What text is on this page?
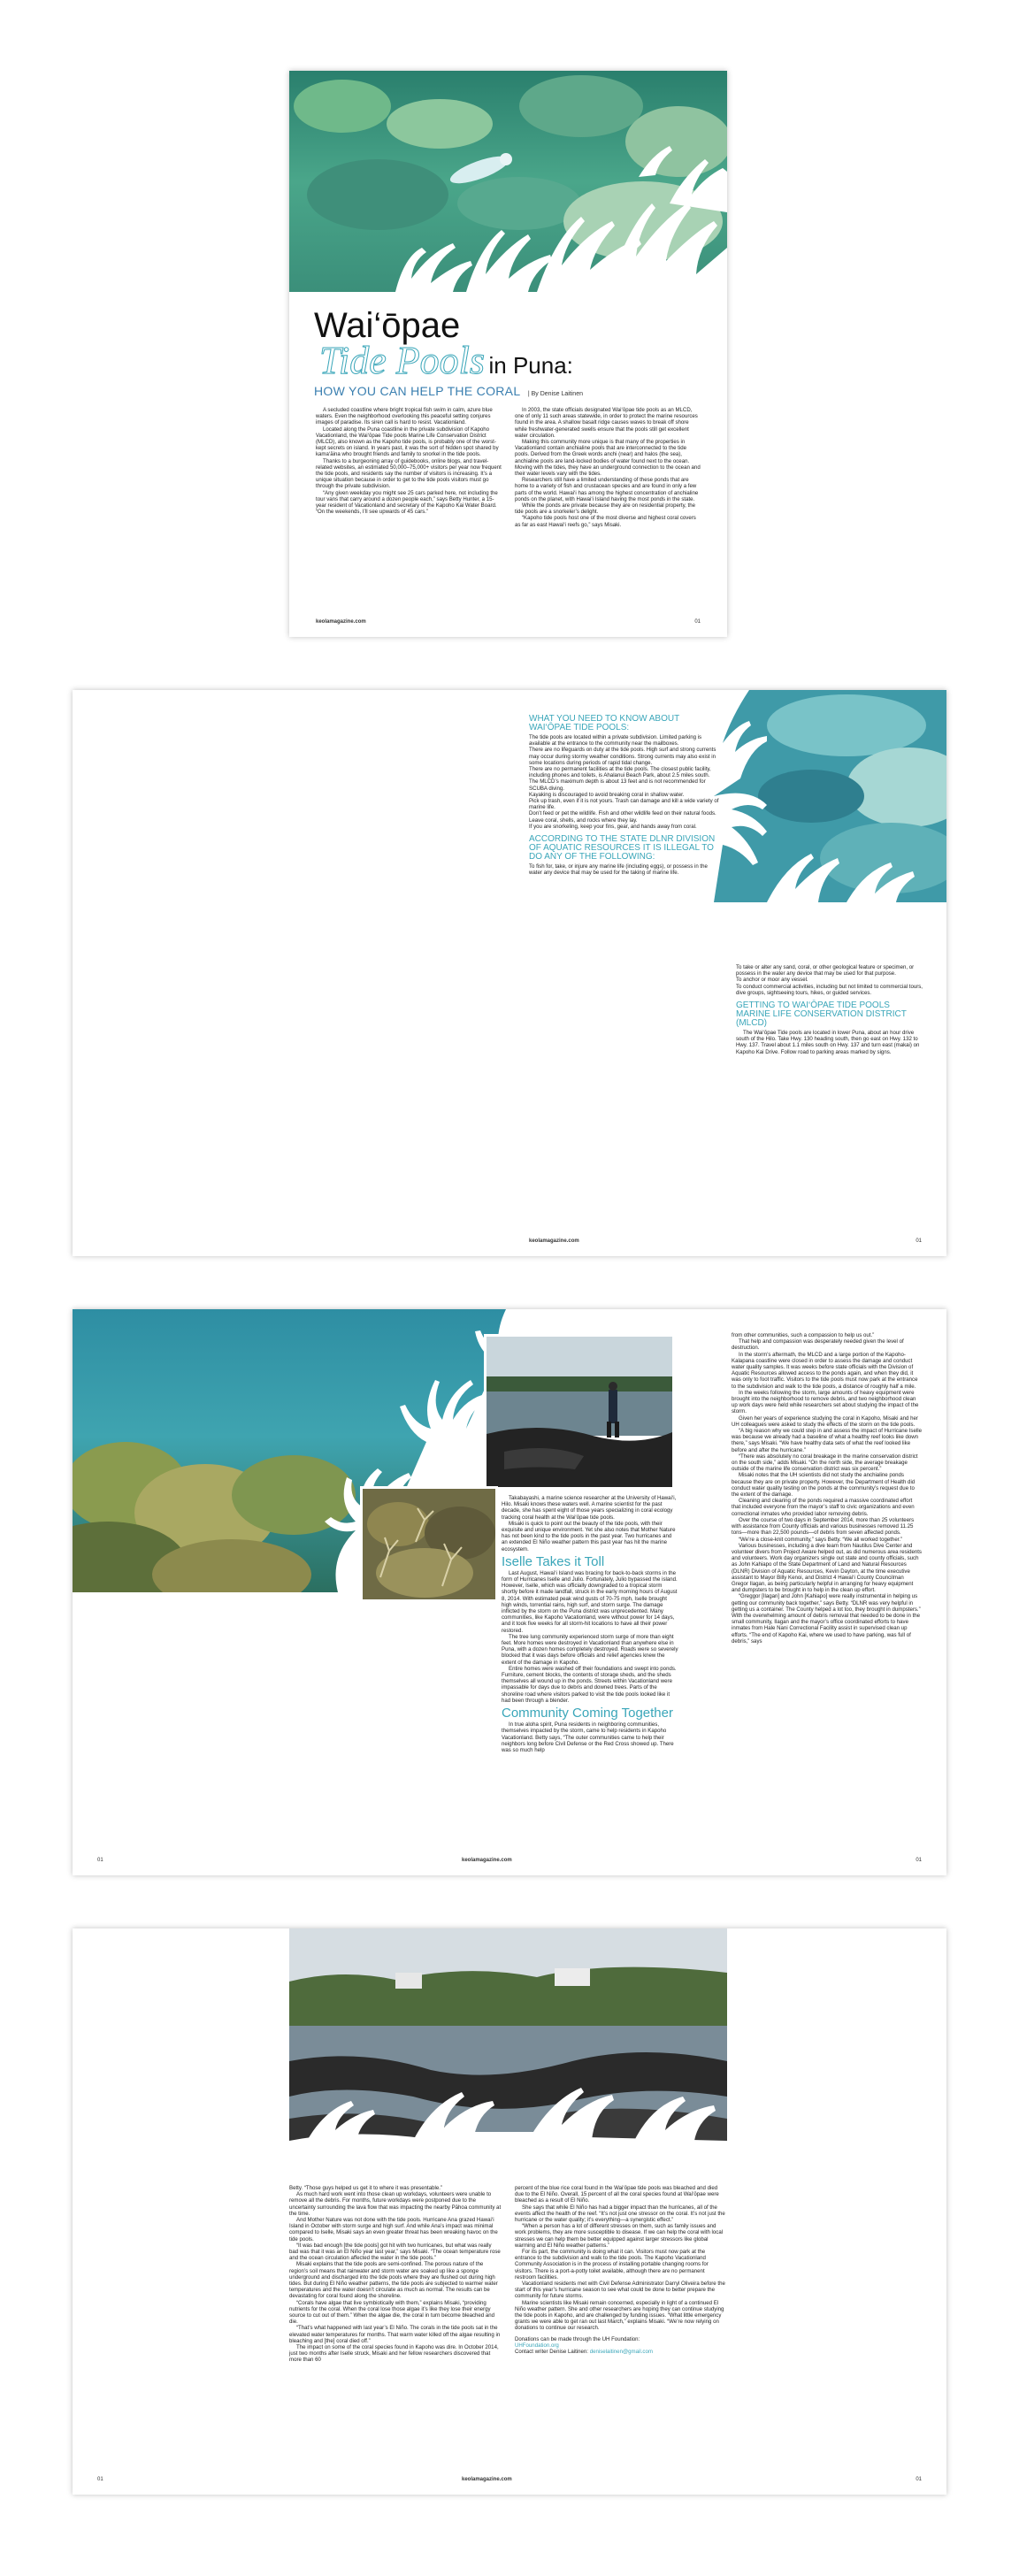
Wai‘ōpae
Tide Pools in Puna:
HOW YOU CAN HELP THE CORAL | By Denise Laitinen

A secluded coastline where bright tropical fish swim in calm, azure blue waters. Even the neighborhood overlooking this peaceful setting conjures images of paradise. Its siren call is hard to resist. Vacationland.

Located along the Puna coastline in the private subdivision of Kapoho Vacationland, the Wai‘ōpae Tide pools Marine Life Conservation District (MLCD), also known as the Kapoho tide pools, is probably one of the worst-kept secrets on island. In years past, it was the sort of hidden spot shared by kama‘āina who brought friends and family to snorkel in the tide pools.

Thanks to a burgeoning array of guidebooks, online blogs, and travel-related websites, an estimated 50,000–75,000+ visitors per year now frequent the tide pools, and residents say the number of visitors is increasing. It’s a unique situation because in order to get to the tide pools visitors must go through the private subdivision.

“Any given weekday you might see 25 cars parked here, not including the tour vans that carry around a dozen people each,” says Betty Hunter, a 15-year resident of Vacationland and secretary of the Kapoho Kai Water Board. “On the weekends, I’ll see upwards of 45 cars.”

In 2003, the state officials designated Wai‘ōpae tide pools as an MLCD, one of only 11 such areas statewide, in order to protect the marine resources found in the area. A shallow basalt ridge causes waves to break off shore while freshwater-generated swells ensure that the pools still get excellent water circulation.

Making this community more unique is that many of the properties in Vacationland contain anchialine pools that are interconnected to the tide pools. Derived from the Greek words anchi (near) and halos (the sea), anchialine pools are land-locked bodies of water found next to the ocean. Moving with the tides, they have an underground connection to the ocean and their water levels vary with the tides.

Researchers still have a limited understanding of these ponds that are home to a variety of fish and crustacean species and are found in only a few parts of the world. Hawai‘i has among the highest concentration of anchialine ponds on the planet, with Hawai‘i Island having the most ponds in the state.

While the ponds are private because they are on residential property, the tide pools are a snorkeler’s delight.

“Kapoho tide pools host one of the most diverse and highest coral covers as far as east Hawai‘i reefs go,” says Misaki.

keolamagazine.com	01
WHAT YOU NEED TO KNOW ABOUT WAI‘ŌPAE TIDE POOLS:

The tide pools are located within a private subdivision. Limited parking is available at the entrance to the community near the mailboxes.

There are no lifeguards on duty at the tide pools. High surf and strong currents may occur during stormy weather conditions. Strong currents may also exist in some locations during periods of rapid tidal change.

There are no permanent facilities at the tide pools. The closest public facility, including phones and toilets, is Ahalanui Beach Park, about 2.5 miles south.

The MLCD’s maximum depth is about 13 feet and is not recommended for SCUBA diving.

Kayaking is discouraged to avoid breaking coral in shallow water.

Pick up trash, even if it is not yours. Trash can damage and kill a wide variety of marine life.

Don’t feed or pet the wildlife. Fish and other wildlife feed on their natural foods.

Leave coral, shells, and rocks where they lay.

If you are snorkeling, keep your fins, gear, and hands away from coral.

ACCORDING TO THE STATE DLNR DIVISION OF AQUATIC RESOURCES IT IS ILLEGAL TO DO ANY OF THE FOLLOWING:

To fish for, take, or injure any marine life (including eggs), or possess in the water any device that may be used for the taking of marine life.

To take or alter any sand, coral, or other geological feature or specimen, or possess in the water any device that may be used for that purpose.

To anchor or moor any vessel.

To conduct commercial activities, including but not limited to commercial tours, dive groups, sightseeing tours, hikes, or guided services.

GETTING TO WAI‘ŌPAE TIDE POOLS MARINE LIFE CONSERVATION DISTRICT (MLCD)

The Wai‘ōpae Tide pools are located in lower Puna, about an hour drive south of the Hilo. Take Hwy. 130 heading south, then go east on Hwy. 132 to Hwy. 137. Travel about 1.1 miles south on Hwy. 137 and turn east (makai) on Kapoho Kai Drive. Follow road to parking areas marked by signs.

keolamagazine.com	01

Takabayashi, a marine science researcher at the University of Hawai‘i, Hilo. Misaki knows these waters well. A marine scientist for the past decade, she has spent eight of those years specializing in coral ecology tracking coral health at the Wai‘ōpae tide pools.

Misaki is quick to point out the beauty of the tide pools, with their exquisite and unique environment. Yet she also notes that Mother Nature has not been kind to the tide pools in the past year. Two hurricanes and an extended El Niño weather pattern this past year has hit the marine ecosystem.

Iselle Takes it Toll

Last August, Hawai‘i Island was bracing for back-to-back storms in the form of Hurricanes Iselle and Julio. Fortunately, Julio bypassed the island. However, Iselle, which was officially downgraded to a tropical storm shortly before it made landfall, struck in the early morning hours of August 8, 2014. With estimated peak wind gusts of 70-75 mph, Iselle brought high winds, torrential rains, high surf, and storm surge. The damage inflicted by the storm on the Puna district was unprecedented. Many communities, like Kapoho Vacationland, were without power for 14 days, and it took five weeks for all storm-hit locations to have all their power restored.

The tree lung community experienced storm surge of more than eight feet. More homes were destroyed in Vacationland than anywhere else in Puna, with a dozen homes completely destroyed. Roads were so severely blocked that it was days before officials and relief agencies knew the extent of the damage in Kapoho.

Entire homes were washed off their foundations and swept into ponds. Furniture, cement blocks, the contents of storage sheds, and the sheds themselves all wound up in the ponds. Streets within Vacationland were impassable for days due to debris and downed trees. Parts of the shoreline road where visitors parked to visit the tide pools looked like it had been through a blender.

Community Coming Together

In true aloha spirit, Puna residents in neighboring communities, themselves impacted by the storm, came to help residents in Kapoho Vacationland. Betty says, “The outer communities came to help their neighbors long before Civil Defense or the Red Cross showed up. There was so much help

from other communities, such a compassion to help us out.”

That help and compassion was desperately needed given the level of destruction.

In the storm’s aftermath, the MLCD and a large portion of the Kapoho-Kalapana coastline were closed in order to assess the damage and conduct water quality samples. It was weeks before state officials with the Division of Aquatic Resources allowed access to the ponds again, and when they did, it was only to foot traffic. Visitors to the tide pools must now park at the entrance to the subdivision and walk to the tide pools, a distance of roughly half a mile.

In the weeks following the storm, large amounts of heavy equipment were brought into the neighborhood to remove debris, and two neighborhood clean up work days were held while researchers set about studying the impact of the storm.

Given her years of experience studying the coral in Kapoho, Misaki and her UH colleagues were asked to study the effects of the storm on the tide pools.

“A big reason why we could step in and assess the impact of Hurricane Iselle was because we already had a baseline of what a healthy reef looks like down there,” says Misaki. “We have healthy data sets of what the reef looked like before and after the hurricane.”

“There was absolutely no coral breakage in the marine conservation district on the south side,” adds Misaki. “On the north side, the average breakage outside of the marine life conservation district was six percent.”

Misaki notes that the UH scientists did not study the anchialine ponds because they are on private property. However, the Department of Health did conduct water quality testing on the ponds at the community’s request due to the extent of the damage.

Cleaning and clearing of the ponds required a massive coordinated effort that included everyone from the mayor’s staff to civic organizations and even correctional inmates who provided labor removing debris.

Over the course of two days in September 2014, more than 25 volunteers with assistance from County officials and various businesses removed 11.25 tons—more than 22,500 pounds—of debris from seven affected ponds.

“We’re a close-knit community,” says Betty. “We all worked together.”

Various businesses, including a dive team from Nautilus Dive Center and volunteer divers from Project Aware helped out, as did numerous area residents and volunteers. Work day organizers single out state and county officials, such as John Kahiapo of the State Department of Land and Natural Resources (DLNR) Division of Aquatic Resources, Kevin Dayton, at the time executive assistant to Mayor Billy Kenoi, and District 4 Hawai‘i County Councilman Gregor Ilagan, as being particularly helpful in arranging for heavy equipment and dumpsters to be brought in to help in the clean up effort.

“Greggor [Ilagan] and John [Kahiapo] were really instrumental in helping us getting our community back together,” says Betty. “DLNR was very helpful in getting us a container. The County helped a lot too, they brought in dumpsters.” With the overwhelming amount of debris removal that needed to be done in the small community, Ilagan and the mayor’s office coordinated efforts to have inmates from Hale Nani Correctional Facility assist in supervised clean up efforts. “The end of Kapoho Kai, where we used to have parking, was full of debris,” says

01	keolamagazine.com	01

Betty. “Those guys helped us get it to where it was presentable.”

As much hard work went into those clean up workdays, volunteers were unable to remove all the debris. For months, future workdays were postponed due to the uncertainty surrounding the lava flow that was impacting the nearby Pāhoa community at the time.

And Mother Nature was not done with the tide pools. Hurricane Ana grazed Hawai‘i Island in October with storm surge and high surf. And while Ana’s impact was minimal compared to Iselle, Misaki says an even greater threat has been wreaking havoc on the tide pools.

“It was bad enough [the tide pools] got hit with two hurricanes, but what was really bad was that it was an El Niño year last year,” says Misaki. “The ocean temperature rose and the ocean circulation affected the water in the tide pools.”

Misaki explains that the tide pools are semi-confined. The porous nature of the region’s soil means that rainwater and storm water are soaked up like a sponge underground and discharged into the tide pools where they are flushed out during high tides. But during El Niño weather patterns, the tide pools are subjected to warmer water temperatures and the water doesn’t circulate as much as normal. The results can be devastating for coral found along the shoreline.

“Corals have algae that live symbiotically with them,” explains Misaki, “providing nutrients for the coral. When the coral lose those algae it’s like they lose their energy source to cut out of them.” When the algae die, the coral in turn become bleached and die.

“That’s what happened with last year’s El Niño. The corals in the tide pools sat in the elevated water temperatures for months. That warm water killed off the algae resulting in bleaching and [the] coral died off.”

The impact on some of the coral species found in Kapoho was dire. In October 2014, just two months after Iselle struck, Misaki and her fellow researchers discovered that more than 60

percent of the blue rice coral found in the Wai‘ōpae tide pools was bleached and died due to the El Niño. Overall, 15 percent of all the coral species found at Wai‘ōpae were bleached as a result of El Niño.

She says that while El Niño has had a bigger impact than the hurricanes, all of the events affect the health of the reef. “It’s not just one stressor on the coral. It’s not just the hurricane or the water quality; it’s everything—a synergistic effect.”

“When a person has a lot of different stresses on them, such as family issues and work problems, they are more susceptible to disease. If we can help the coral with local stresses we can help them be better equipped against larger stressors like global warming and El Niño weather patterns.”

For its part, the community is doing what it can. Visitors must now park at the entrance to the subdivision and walk to the tide pools. The Kapoho Vacationland Community Association is in the process of installing portable changing rooms for visitors. There is a port-a-potty toilet available, although there are no permanent restroom facilities.

Vacationland residents met with Civil Defense Administrator Darryl Oliveira before the start of this year’s hurricane season to see what could be done to better prepare the community for future storms.

Marine scientists like Misaki remain concerned, especially in light of a continued El Niño weather pattern. She and other researchers are hoping they can continue studying the tide pools in Kapoho, and are challenged by funding issues. “What little emergency grants we were able to get ran out last March,” explains Misaki. “We’re now relying on donations to continue our research.

Donations can be made through the UH Foundation:
UHFoundation.org
Contact writer Denise Laitinen: deniselaitinen@gmail.com
01	keolamagazine.com	01
